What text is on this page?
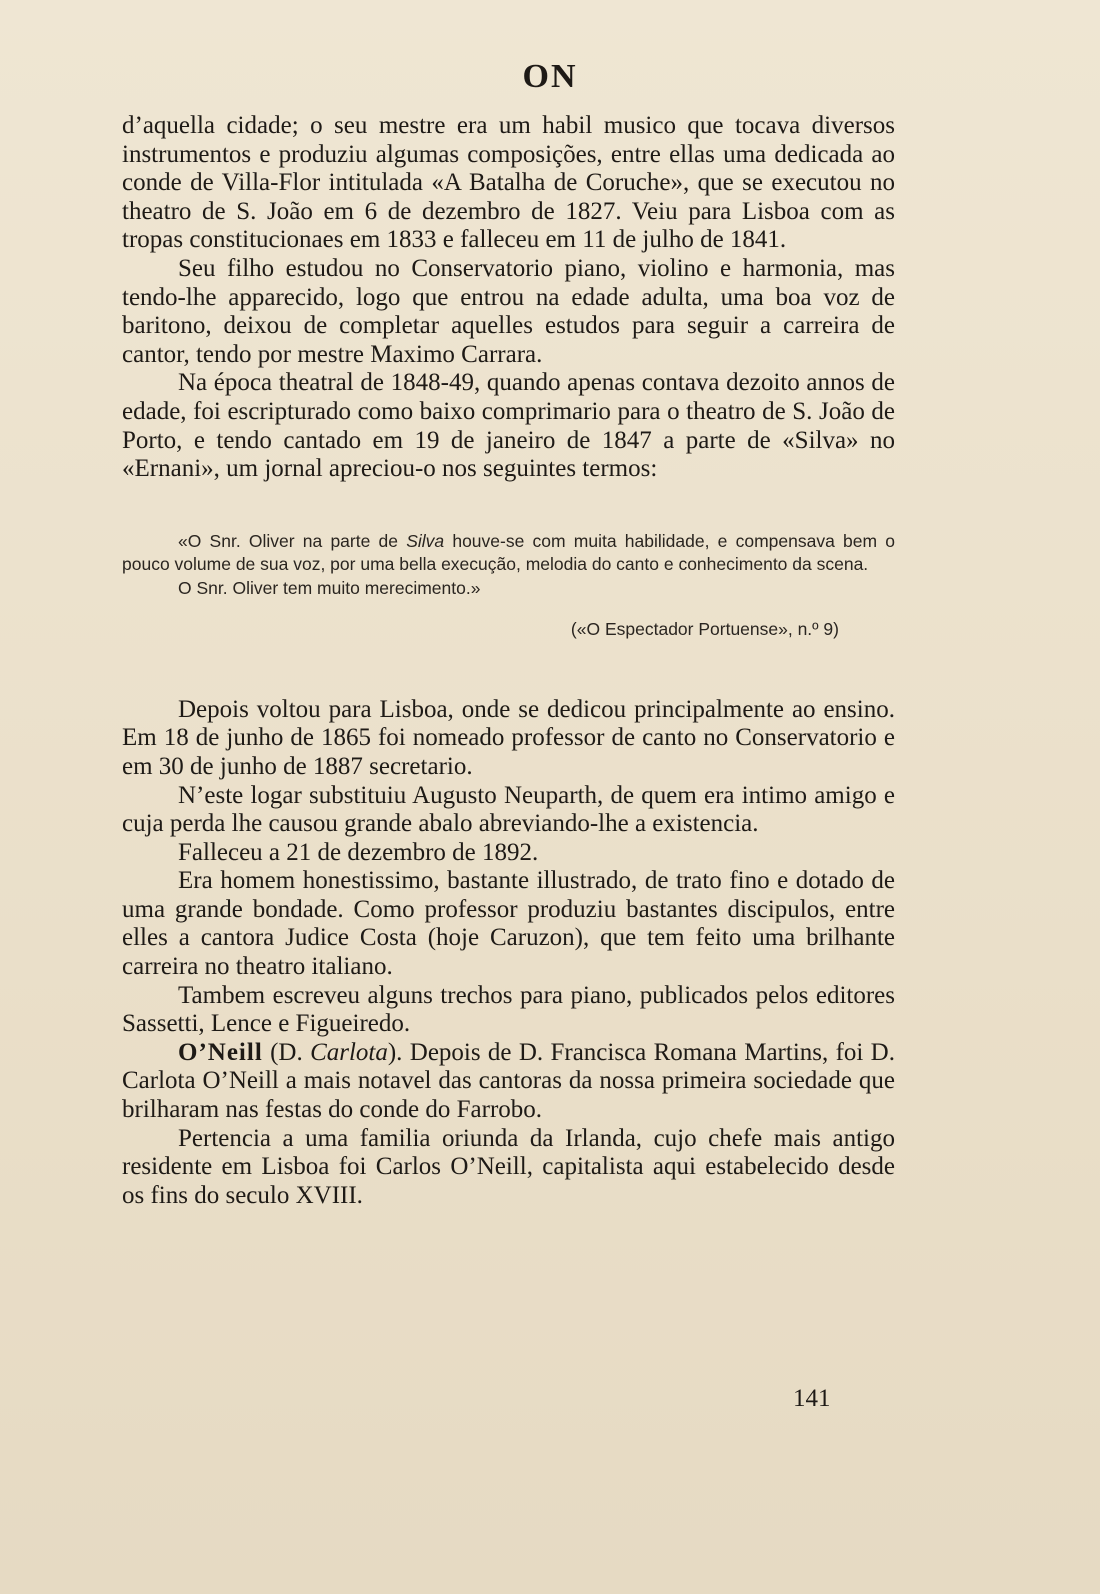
ON

d’aquella cidade; o seu mestre era um habil musico que tocava diversos instrumentos e produziu algumas composições, entre ellas uma dedicada ao conde de Villa-Flor intitulada «A Batalha de Coruche», que se executou no theatro de S. João em 6 de dezembro de 1827. Veiu para Lisboa com as tropas constitucionaes em 1833 e falleceu em 11 de julho de 1841.

Seu filho estudou no Conservatorio piano, violino e harmonia, mas tendo-lhe apparecido, logo que entrou na edade adulta, uma boa voz de baritono, deixou de completar aquelles estudos para seguir a carreira de cantor, tendo por mestre Maximo Carrara.

Na época theatral de 1848-49, quando apenas contava dezoito annos de edade, foi escripturado como baixo comprimario para o theatro de S. João de Porto, e tendo cantado em 19 de janeiro de 1847 a parte de «Silva» no «Ernani», um jornal apreciou-o nos seguintes termos:

«O Snr. Oliver na parte de Silva houve-se com muita habilidade, e compensava bem o pouco volume de sua voz, por uma bella execução, melodia do canto e conhecimento da scena.

O Snr. Oliver tem muito merecimento.»

(«O Espectador Portuense», n.º 9)

Depois voltou para Lisboa, onde se dedicou principalmente ao ensino. Em 18 de junho de 1865 foi nomeado professor de canto no Conservatorio e em 30 de junho de 1887 secretario.

N’este logar substituiu Augusto Neuparth, de quem era intimo amigo e cuja perda lhe causou grande abalo abreviando-lhe a existencia.

Falleceu a 21 de dezembro de 1892.

Era homem honestissimo, bastante illustrado, de trato fino e dotado de uma grande bondade. Como professor produziu bastantes discipulos, entre elles a cantora Judice Costa (hoje Caruzon), que tem feito uma brilhante carreira no theatro italiano.

Tambem escreveu alguns trechos para piano, publicados pelos editores Sassetti, Lence e Figueiredo.

O’Neill (D. Carlota). Depois de D. Francisca Romana Martins, foi D. Carlota O’Neill a mais notavel das cantoras da nossa primeira sociedade que brilharam nas festas do conde do Farrobo.

Pertencia a uma familia oriunda da Irlanda, cujo chefe mais antigo residente em Lisboa foi Carlos O’Neill, capitalista aqui estabelecido desde os fins do seculo XVIII.

141
